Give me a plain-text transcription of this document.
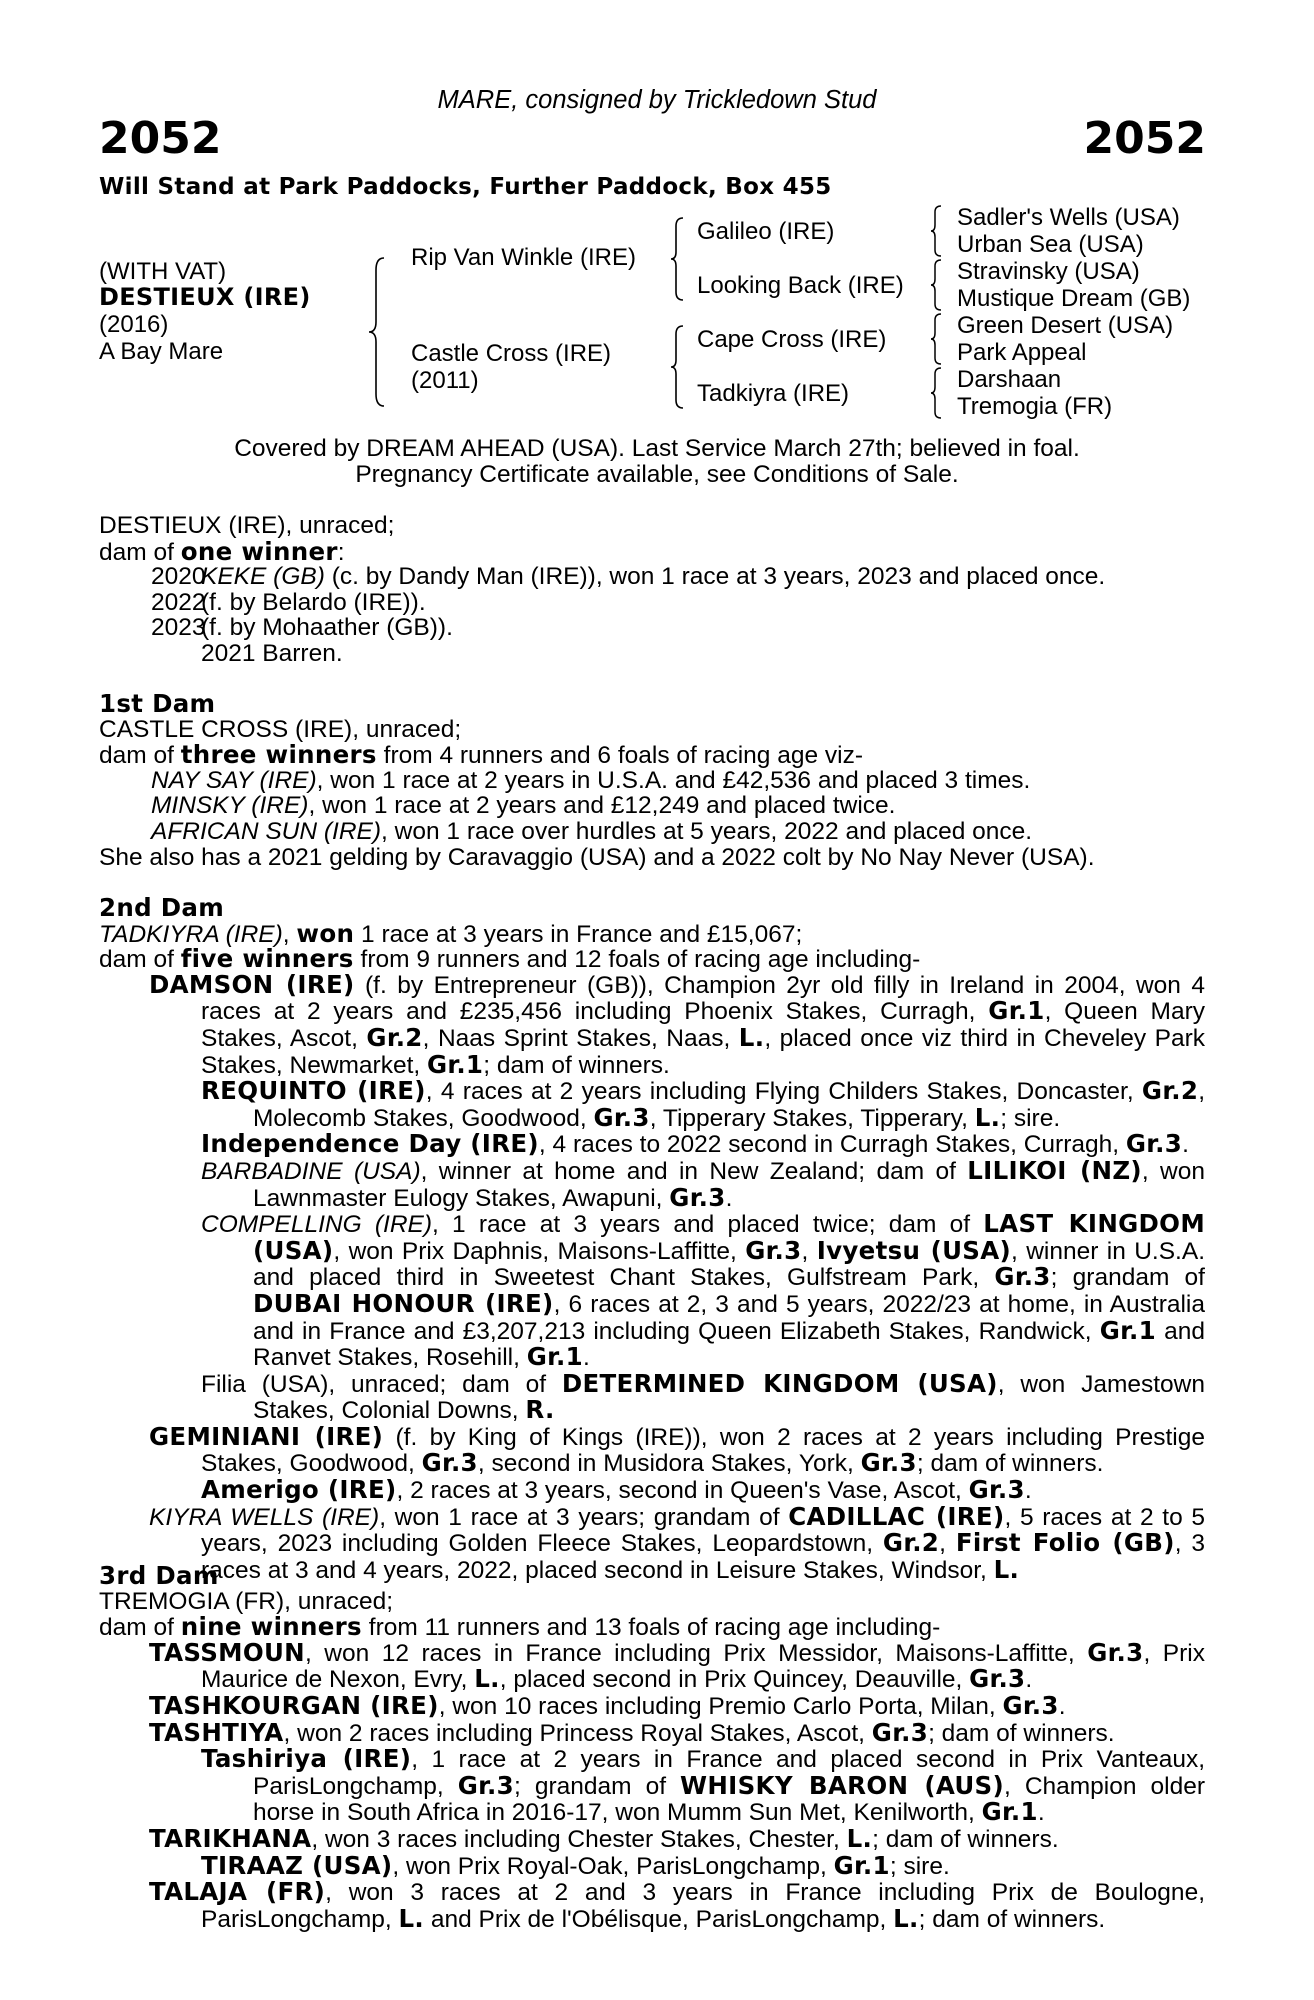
MARE, consigned by Trickledown Stud
2052	2052
Will Stand at Park Paddocks, Further Paddock, Box 455
(WITH VAT)
DESTIEUX (IRE)
(2016)
A Bay Mare
Rip Van Winkle (IRE)
Castle Cross (IRE)
(2011)
Galileo (IRE)
Looking Back (IRE)
Cape Cross (IRE)
Tadkiyra (IRE)
Sadler's Wells (USA)
Urban Sea (USA)
Stravinsky (USA)
Mustique Dream (GB)
Green Desert (USA)
Park Appeal
Darshaan
Tremogia (FR)
Covered by DREAM AHEAD (USA). Last Service March 27th; believed in foal.
Pregnancy Certificate available, see Conditions of Sale.
DESTIEUX (IRE), unraced;
dam of one winner:
2020KEKE (GB) (c. by Dandy Man (IRE)), won 1 race at 3 years, 2023 and placed once.
2022(f. by Belardo (IRE)).
2023(f. by Mohaather (GB)).
2021 Barren.
1st Dam
CASTLE CROSS (IRE), unraced;
dam of three winners from 4 runners and 6 foals of racing age viz-
NAY SAY (IRE), won 1 race at 2 years in U.S.A. and £42,536 and placed 3 times.
MINSKY (IRE), won 1 race at 2 years and £12,249 and placed twice.
AFRICAN SUN (IRE), won 1 race over hurdles at 5 years, 2022 and placed once.
She also has a 2021 gelding by Caravaggio (USA) and a 2022 colt by No Nay Never (USA).
2nd Dam
TADKIYRA (IRE), won 1 race at 3 years in France and £15,067;
dam of five winners from 9 runners and 12 foals of racing age including-

DAMSON (IRE) (f. by Entrepreneur (GB)), Champion 2yr old filly in Ireland in 2004, won 4 races at 2 years and £235,456 including Phoenix Stakes, Curragh, Gr.1, Queen Mary Stakes, Ascot, Gr.2, Naas Sprint Stakes, Naas, L., placed once viz third in Cheveley Park Stakes, Newmarket, Gr.1; dam of winners.

REQUINTO (IRE), 4 races at 2 years including Flying Childers Stakes, Doncaster, Gr.2, Molecomb Stakes, Goodwood, Gr.3, Tipperary Stakes, Tipperary, L.; sire.

Independence Day (IRE), 4 races to 2022 second in Curragh Stakes, Curragh, Gr.3.

BARBADINE (USA), winner at home and in New Zealand; dam of LILIKOI (NZ), won Lawnmaster Eulogy Stakes, Awapuni, Gr.3.

COMPELLING (IRE), 1 race at 3 years and placed twice; dam of LAST KINGDOM (USA), won Prix Daphnis, Maisons-Laffitte, Gr.3, Ivyetsu (USA), winner in U.S.A. and placed third in Sweetest Chant Stakes, Gulfstream Park, Gr.3; grandam of DUBAI HONOUR (IRE), 6 races at 2, 3 and 5 years, 2022/23 at home, in Australia and in France and £3,207,213 including Queen Elizabeth Stakes, Randwick, Gr.1 and Ranvet Stakes, Rosehill, Gr.1.

Filia (USA), unraced; dam of DETERMINED KINGDOM (USA), won Jamestown Stakes, Colonial Downs, R.

GEMINIANI (IRE) (f. by King of Kings (IRE)), won 2 races at 2 years including Prestige Stakes, Goodwood, Gr.3, second in Musidora Stakes, York, Gr.3; dam of winners.

Amerigo (IRE), 2 races at 3 years, second in Queen's Vase, Ascot, Gr.3.

KIYRA WELLS (IRE), won 1 race at 3 years; grandam of CADILLAC (IRE), 5 races at 2 to 5 years, 2023 including Golden Fleece Stakes, Leopardstown, Gr.2, First Folio (GB), 3 races at 3 and 4 years, 2022, placed second in Leisure Stakes, Windsor, L.

3rd Dam
TREMOGIA (FR), unraced;
dam of nine winners from 11 runners and 13 foals of racing age including-

TASSMOUN, won 12 races in France including Prix Messidor, Maisons-Laffitte, Gr.3, Prix Maurice de Nexon, Evry, L., placed second in Prix Quincey, Deauville, Gr.3.

TASHKOURGAN (IRE), won 10 races including Premio Carlo Porta, Milan, Gr.3.

TASHTIYA, won 2 races including Princess Royal Stakes, Ascot, Gr.3; dam of winners.

Tashiriya (IRE), 1 race at 2 years in France and placed second in Prix Vanteaux, ParisLongchamp, Gr.3; grandam of WHISKY BARON (AUS), Champion older horse in South Africa in 2016-17, won Mumm Sun Met, Kenilworth, Gr.1.

TARIKHANA, won 3 races including Chester Stakes, Chester, L.; dam of winners.

TIRAAZ (USA), won Prix Royal-Oak, ParisLongchamp, Gr.1; sire.

TALAJA (FR), won 3 races at 2 and 3 years in France including Prix de Boulogne, ParisLongchamp, L. and Prix de l'Obélisque, ParisLongchamp, L.; dam of winners.
